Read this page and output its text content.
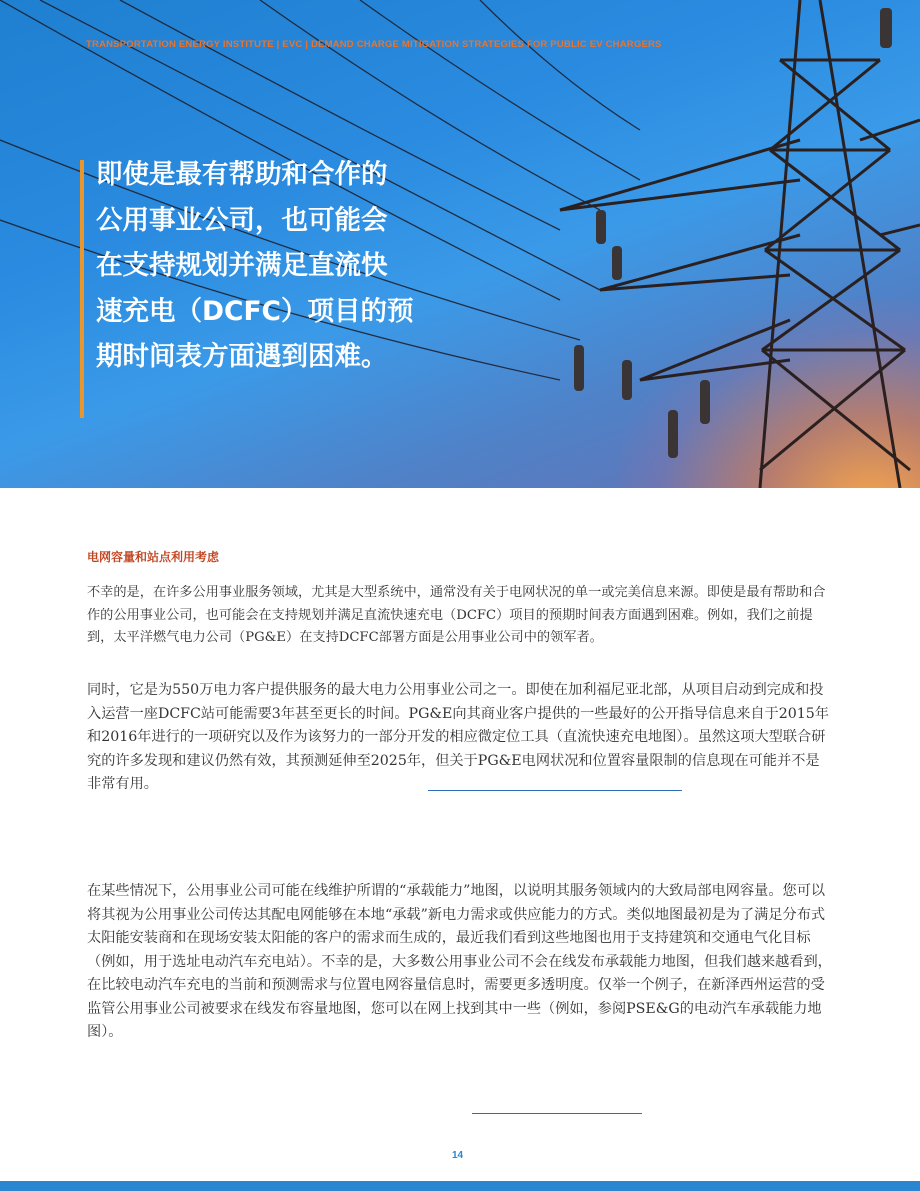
TRANSPORTATION ENERGY INSTITUTE | EVC | DEMAND CHARGE MITIGATION STRATEGIES FOR PUBLIC EV CHARGERS
即使是最有帮助和合作的
公用事业公司，也可能会
在支持规划并满足直流快
速充电（DCFC）项目的预
期时间表方面遇到困难。
电网容量和站点利用考虑
不幸的是，在许多公用事业服务领域，尤其是大型系统中，通常没有关于电网状况的单一或完美信息来源。即使是最有帮助和合作的公用事业公司，也可能会在支持规划并满足直流快速充电（DCFC）项目的预期时间表方面遇到困难。例如，我们之前提到，太平洋燃气电力公司（PG&E）在支持DCFC部署方面是公用事业公司中的领军者。
同时，它是为550万电力客户提供服务的最大电力公用事业公司之一。即使在加利福尼亚北部，从项目启动到完成和投入运营一座DCFC站可能需要3年甚至更长的时间。PG&E向其商业客户提供的一些最好的公开指导信息来自于2015年和2016年进行的一项研究以及作为该努力的一部分开发的相应微定位工具（直流快速充电地图）。虽然这项大型联合研究的许多发现和建议仍然有效，其预测延伸至2025年，但关于PG&E电网状况和位置容量限制的信息现在可能并不是非常有用。
在某些情况下，公用事业公司可能在线维护所谓的“承载能力”地图，以说明其服务领域内的大致局部电网容量。您可以将其视为公用事业公司传达其配电网能够在本地“承载”新电力需求或供应能力的方式。类似地图最初是为了满足分布式太阳能安装商和在现场安装太阳能的客户的需求而生成的，最近我们看到这些地图也用于支持建筑和交通电气化目标（例如，用于选址电动汽车充电站）。不幸的是，大多数公用事业公司不会在线发布承载能力地图，但我们越来越看到，在比较电动汽车充电的当前和预测需求与位置电网容量信息时，需要更多透明度。仅举一个例子，在新泽西州运营的受监管公用事业公司被要求在线发布容量地图，您可以在网上找到其中一些（例如，参阅PSE&G的电动汽车承载能力地图）。
14
